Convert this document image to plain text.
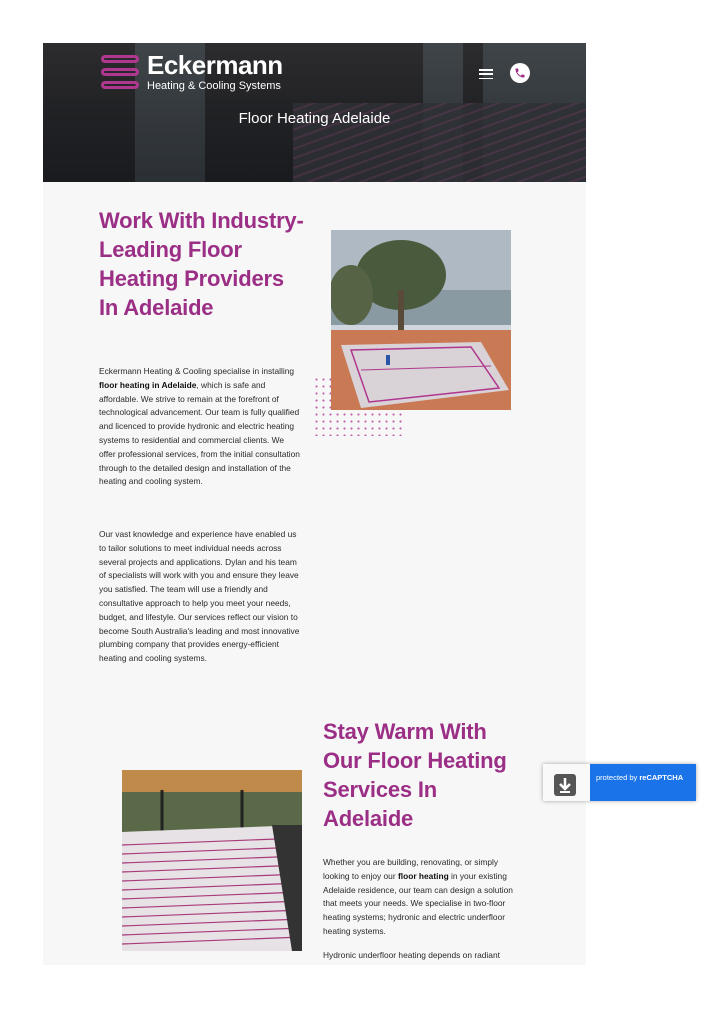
Eckermann
Heating & Cooling Systems
Floor Heating Adelaide
Work With Industry-Leading Floor Heating Providers In Adelaide

Eckermann Heating & Cooling specialise in installing floor heating in Adelaide, which is safe and affordable. We strive to remain at the forefront of technological advancement. Our team is fully qualified and licenced to provide hydronic and electric heating systems to residential and commercial clients. We offer professional services, from the initial consultation through to the detailed design and installation of the heating and cooling system.

Our vast knowledge and experience have enabled us to tailor solutions to meet individual needs across several projects and applications. Dylan and his team of specialists will work with you and ensure they leave you satisfied. The team will use a friendly and consultative approach to help you meet your needs, budget, and lifestyle. Our services reflect our vision to become South Australia's leading and most innovative plumbing company that provides energy-efficient heating and cooling systems.

Stay Warm With Our Floor Heating Services In Adelaide

Whether you are building, renovating, or simply looking to enjoy our floor heating in your existing Adelaide residence, our team can design a solution that meets your needs. We specialise in two-floor heating systems; hydronic and electric underfloor heating systems.

Hydronic underfloor heating depends on radiant

protected by reCAPTCHA
